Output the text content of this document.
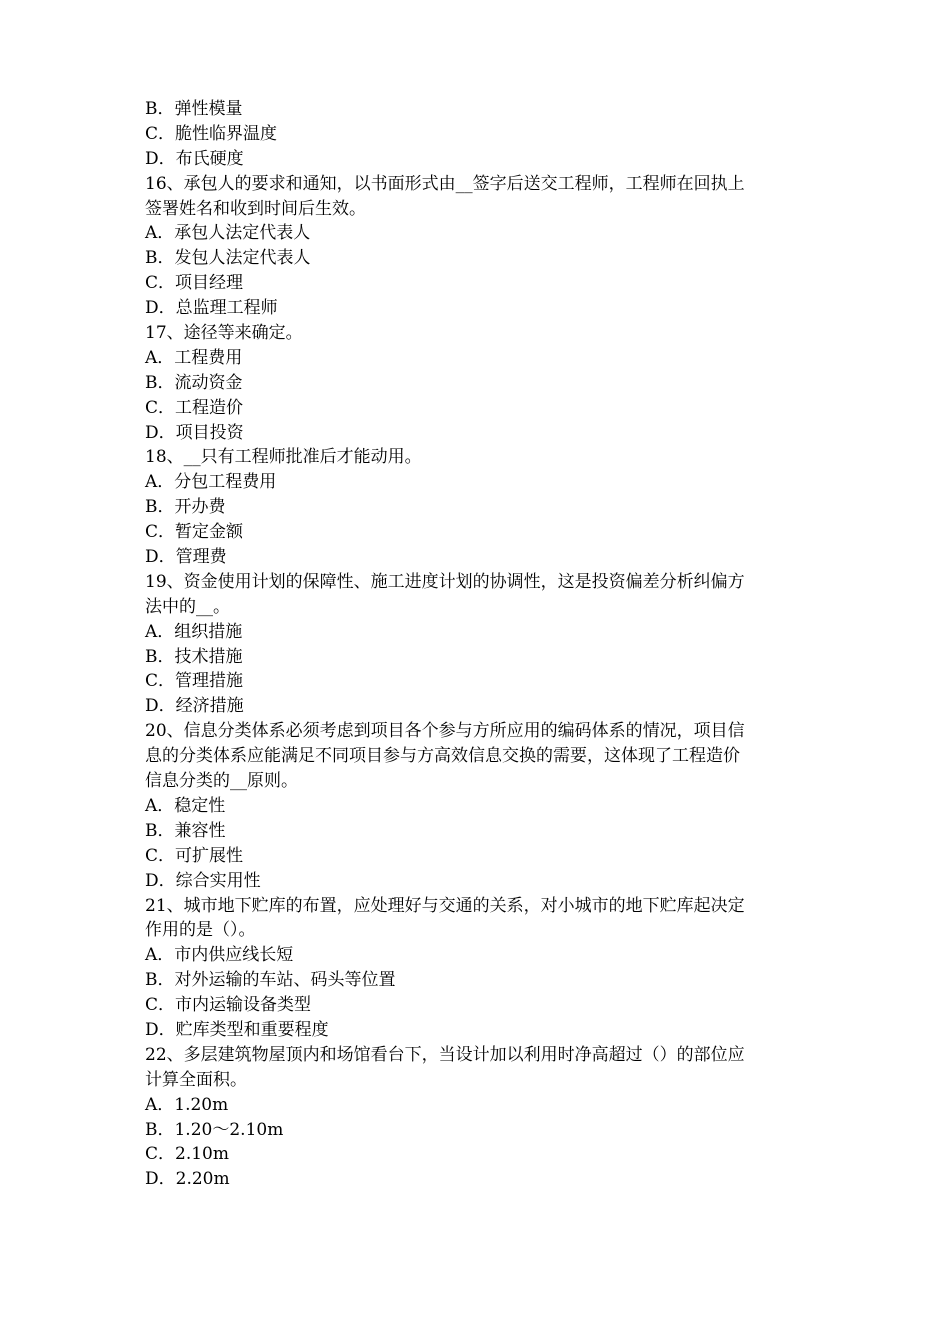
B．弹性模量
C．脆性临界温度
D．布氏硬度
16、承包人的要求和通知，以书面形式由__签字后送交工程师，工程师在回执上
签署姓名和收到时间后生效。
A．承包人法定代表人
B．发包人法定代表人
C．项目经理
D．总监理工程师
17、途径等来确定。
A．工程费用
B．流动资金
C．工程造价
D．项目投资
18、__只有工程师批准后才能动用。
A．分包工程费用
B．开办费
C．暂定金额
D．管理费
19、资金使用计划的保障性、施工进度计划的协调性，这是投资偏差分析纠偏方
法中的__。
A．组织措施
B．技术措施
C．管理措施
D．经济措施
20、信息分类体系必须考虑到项目各个参与方所应用的编码体系的情况，项目信
息的分类体系应能满足不同项目参与方高效信息交换的需要，这体现了工程造价
信息分类的__原则。
A．稳定性
B．兼容性
C．可扩展性
D．综合实用性
21、城市地下贮库的布置，应处理好与交通的关系，对小城市的地下贮库起决定
作用的是（）。
A．市内供应线长短
B．对外运输的车站、码头等位置
C．市内运输设备类型
D．贮库类型和重要程度
22、多层建筑物屋顶内和场馆看台下，当设计加以利用时净高超过（）的部位应
计算全面积。
A．1.20m
B．1.20～2.10m
C．2.10m
D．2.20m
